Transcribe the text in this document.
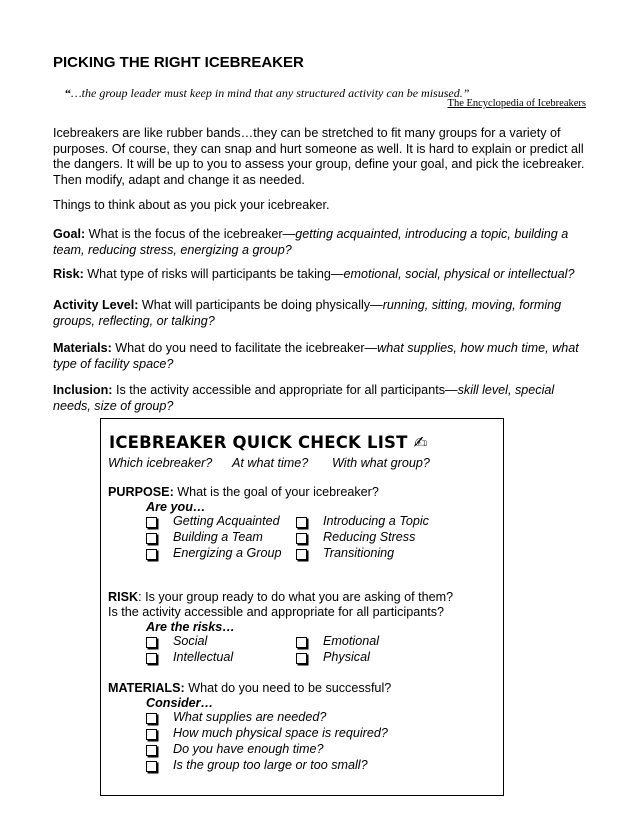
PICKING THE RIGHT ICEBREAKER
“…the group leader must keep in mind that any structured activity can be misused.”
The Encyclopedia of Icebreakers
Icebreakers are like rubber bands…they can be stretched to fit many groups for a variety of purposes. Of course, they can snap and hurt someone as well. It is hard to explain or predict all the dangers. It will be up to you to assess your group, define your goal, and pick the icebreaker. Then modify, adapt and change it as needed.
Things to think about as you pick your icebreaker.
Goal: What is the focus of the icebreaker—getting acquainted, introducing a topic, building a team, reducing stress, energizing a group?
Risk: What type of risks will participants be taking—emotional, social, physical or intellectual?
Activity Level: What will participants be doing physically—running, sitting, moving, forming groups, reflecting, or talking?
Materials: What do you need to facilitate the icebreaker—what supplies, how much time, what type of facility space?
Inclusion: Is the activity accessible and appropriate for all participants—skill level, special needs, size of group?
ICEBREAKER QUICK CHECK LIST ✍
Which icebreaker? At what time? With what group?
PURPOSE: What is the goal of your icebreaker?
Are you…
Getting Acquainted	Introducing a Topic
Building a Team	Reducing Stress
Energizing a Group	Transitioning
RISK: Is your group ready to do what you are asking of them?
Is the activity accessible and appropriate for all participants?
Are the risks…
Social	Emotional
Intellectual	Physical
MATERIALS: What do you need to be successful?
Consider…
What supplies are needed?
How much physical space is required?
Do you have enough time?
Is the group too large or too small?
